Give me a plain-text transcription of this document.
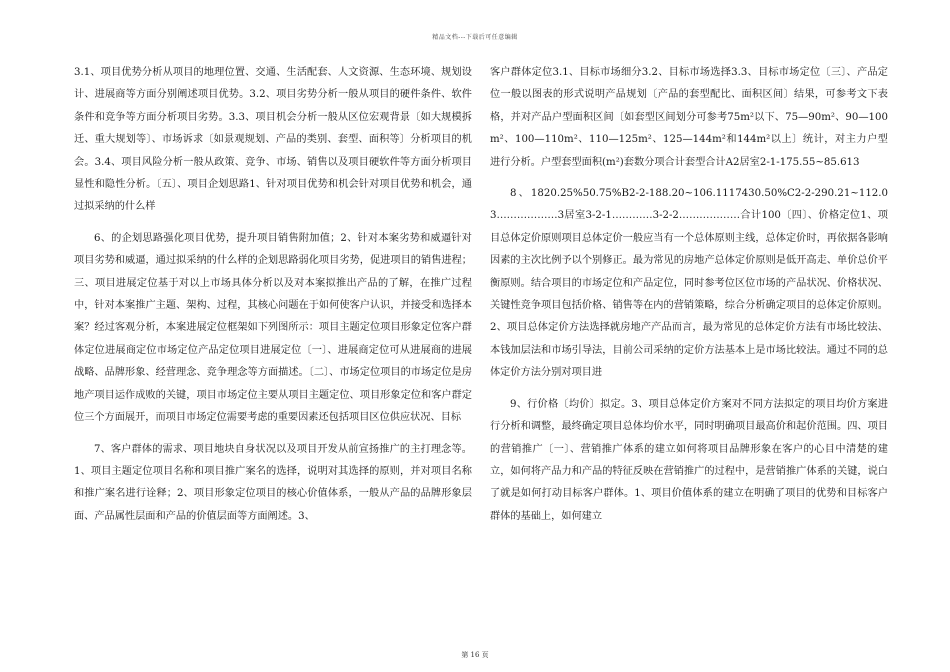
精品文档---下载后可任意编辑

3.1、项目优势分析从项目的地理位置、交通、生活配套、人文资源、生态环境、规划设计、进展商等方面分别阐述项目优势。3.2、项目劣势分析一般从项目的硬件条件、软件条件和竞争等方面分析项目劣势。3.3、项目机会分析一般从区位宏观背景〔如大规模拆迁、重大规划等〕、市场诉求〔如景观规划、产品的类别、套型、面积等〕分析项目的机会。3.4、项目风险分析一般从政策、竞争、市场、销售以及项目硬软件等方面分析项目显性和隐性分析。〔五〕、项目企划思路1、针对项目优势和机会针对项目优势和机会，通过拟采纳的什么样

6、的企划思路强化项目优势，提升项目销售附加值；2、针对本案劣势和威逼针对项目劣势和威逼，通过拟采纳的什么样的企划思路弱化项目劣势，促进项目的销售进程；三、项目进展定位基于对以上市场具体分析以及对本案拟推出产品的了解，在推广过程中，针对本案推广主题、架构、过程，其核心问题在于如何使客户认识，并接受和选择本案？经过客观分析，本案进展定位框架如下列图所示：项目主题定位项目形象定位客户群体定位进展商定位市场定位产品定位项目进展定位〔一〕、进展商定位可从进展商的进展战略、品牌形象、经营理念、竞争理念等方面描述。〔二〕、市场定位项目的市场定位是房地产项目运作成败的关键，项目市场定位主要从项目主题定位、项目形象定位和客户群定位三个方面展开，而项目市场定位需要考虑的重要因素还包括项目区位供应状况、目标

7、客户群体的需求、项目地块自身状况以及项目开发从前宣扬推广的主打理念等。1、项目主题定位项目名称和项目推广案名的选择，说明对其选择的原则，并对项目名称和推广案名进行诠释；2、项目形象定位项目的核心价值体系，一般从产品的品牌形象层面、产品属性层面和产品的价值层面等方面阐述。3、

客户群体定位3.1、目标市场细分3.2、目标市场选择3.3、目标市场定位〔三〕、产品定位一般以图表的形式说明产品规划〔产品的套型配比、面积区间〕结果，可参考文下表格，并对产品户型面积区间〔如套型区间划分可参考75m²以下、75—90m²、90—100m²、100—110m²、110—125m²、125—144m²和144m²以上〕统计，对主力户型进行分析。户型套型面积(m²)套数分项合计套型合计A2居室2-1-175.55~85.613

8、1820.25%50.75%B2-2-188.20~106.1117430.50%C2-2-290.21~112.03………………3居室3-2-1…………3-2-2………………合计100〔四〕、价格定位1、项目总体定价原则项目总体定价一般应当有一个总体原则主线，总体定价时，再依据各影响因素的主次比例予以个别修正。最为常见的房地产总体定价原则是低开高走、单价总价平衡原则。结合项目的市场定位和产品定位，同时参考位区位市场的产品状况、价格状况、关键性竞争项目包括价格、销售等在内的营销策略，综合分析确定项目的总体定价原则。2、项目总体定价方法选择就房地产产品而言，最为常见的总体定价方法有市场比较法、本钱加层法和市场引导法，目前公司采纳的定价方法基本上是市场比较法。通过不同的总体定价方法分别对项目进

9、行价格〔均价〕拟定。3、项目总体定价方案对不同方法拟定的项目均价方案进行分析和调整，最终确定项目总体均价水平，同时明确项目最高价和起价范围。四、项目的营销推广〔一〕、营销推广体系的建立如何将项目品牌形象在客户的心目中清楚的建立，如何将产品力和产品的特征反映在营销推广的过程中，是营销推广体系的关键，说白了就是如何打动目标客户群体。1、项目价值体系的建立在明确了项目的优势和目标客户群体的基础上，如何建立

第 16 页
